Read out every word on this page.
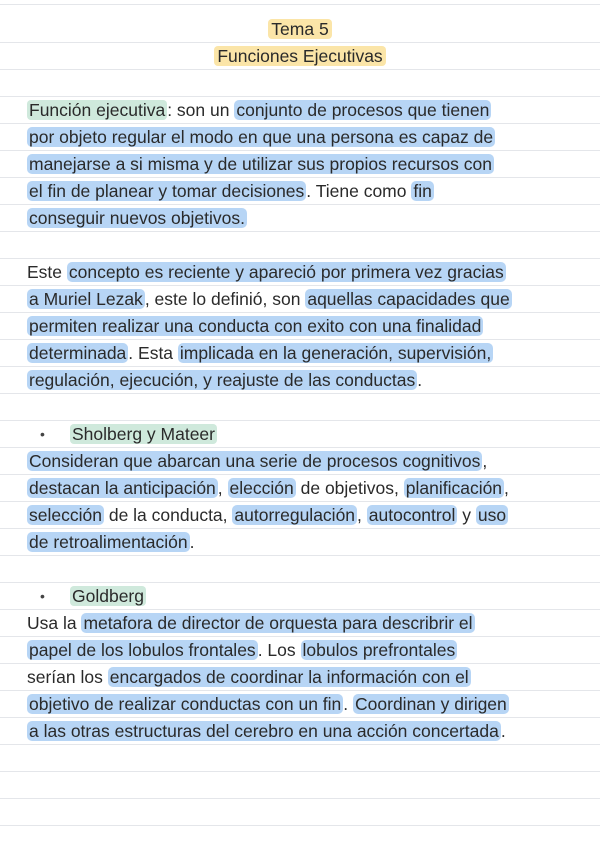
Tema 5
Funciones Ejecutivas
Función ejecutiva : son un conjunto de procesos que tienen
por objeto regular el modo en que una persona es capaz de
manejarse a si misma y de utilizar sus propios recursos con
el fin de planear y tomar decisiones . Tiene como fin
conseguir nuevos objetivos.
Este concepto es reciente y apareció por primera vez gracias
a Muriel Lezak , este lo definió, son aquellas capacidades que
permiten realizar una conducta con exito con una finalidad
determinada . Esta implicada en la generación, supervisión,
regulación, ejecución, y reajuste de las conductas .
• Sholberg y Mateer
Consideran que abarcan una serie de procesos cognitivos ,
destacan la anticipación , elección de objetivos, planificación ,
selección de la conducta, autorregulación , autocontrol y uso
de retroalimentación .
• Goldberg
Usa la metafora de director de orquesta para describrir el
papel de los lobulos frontales . Los lobulos prefrontales
serían los encargados de coordinar la información con el
objetivo de realizar conductas con un fin . Coordinan y dirigen
a las otras estructuras del cerebro en una acción concertada .
